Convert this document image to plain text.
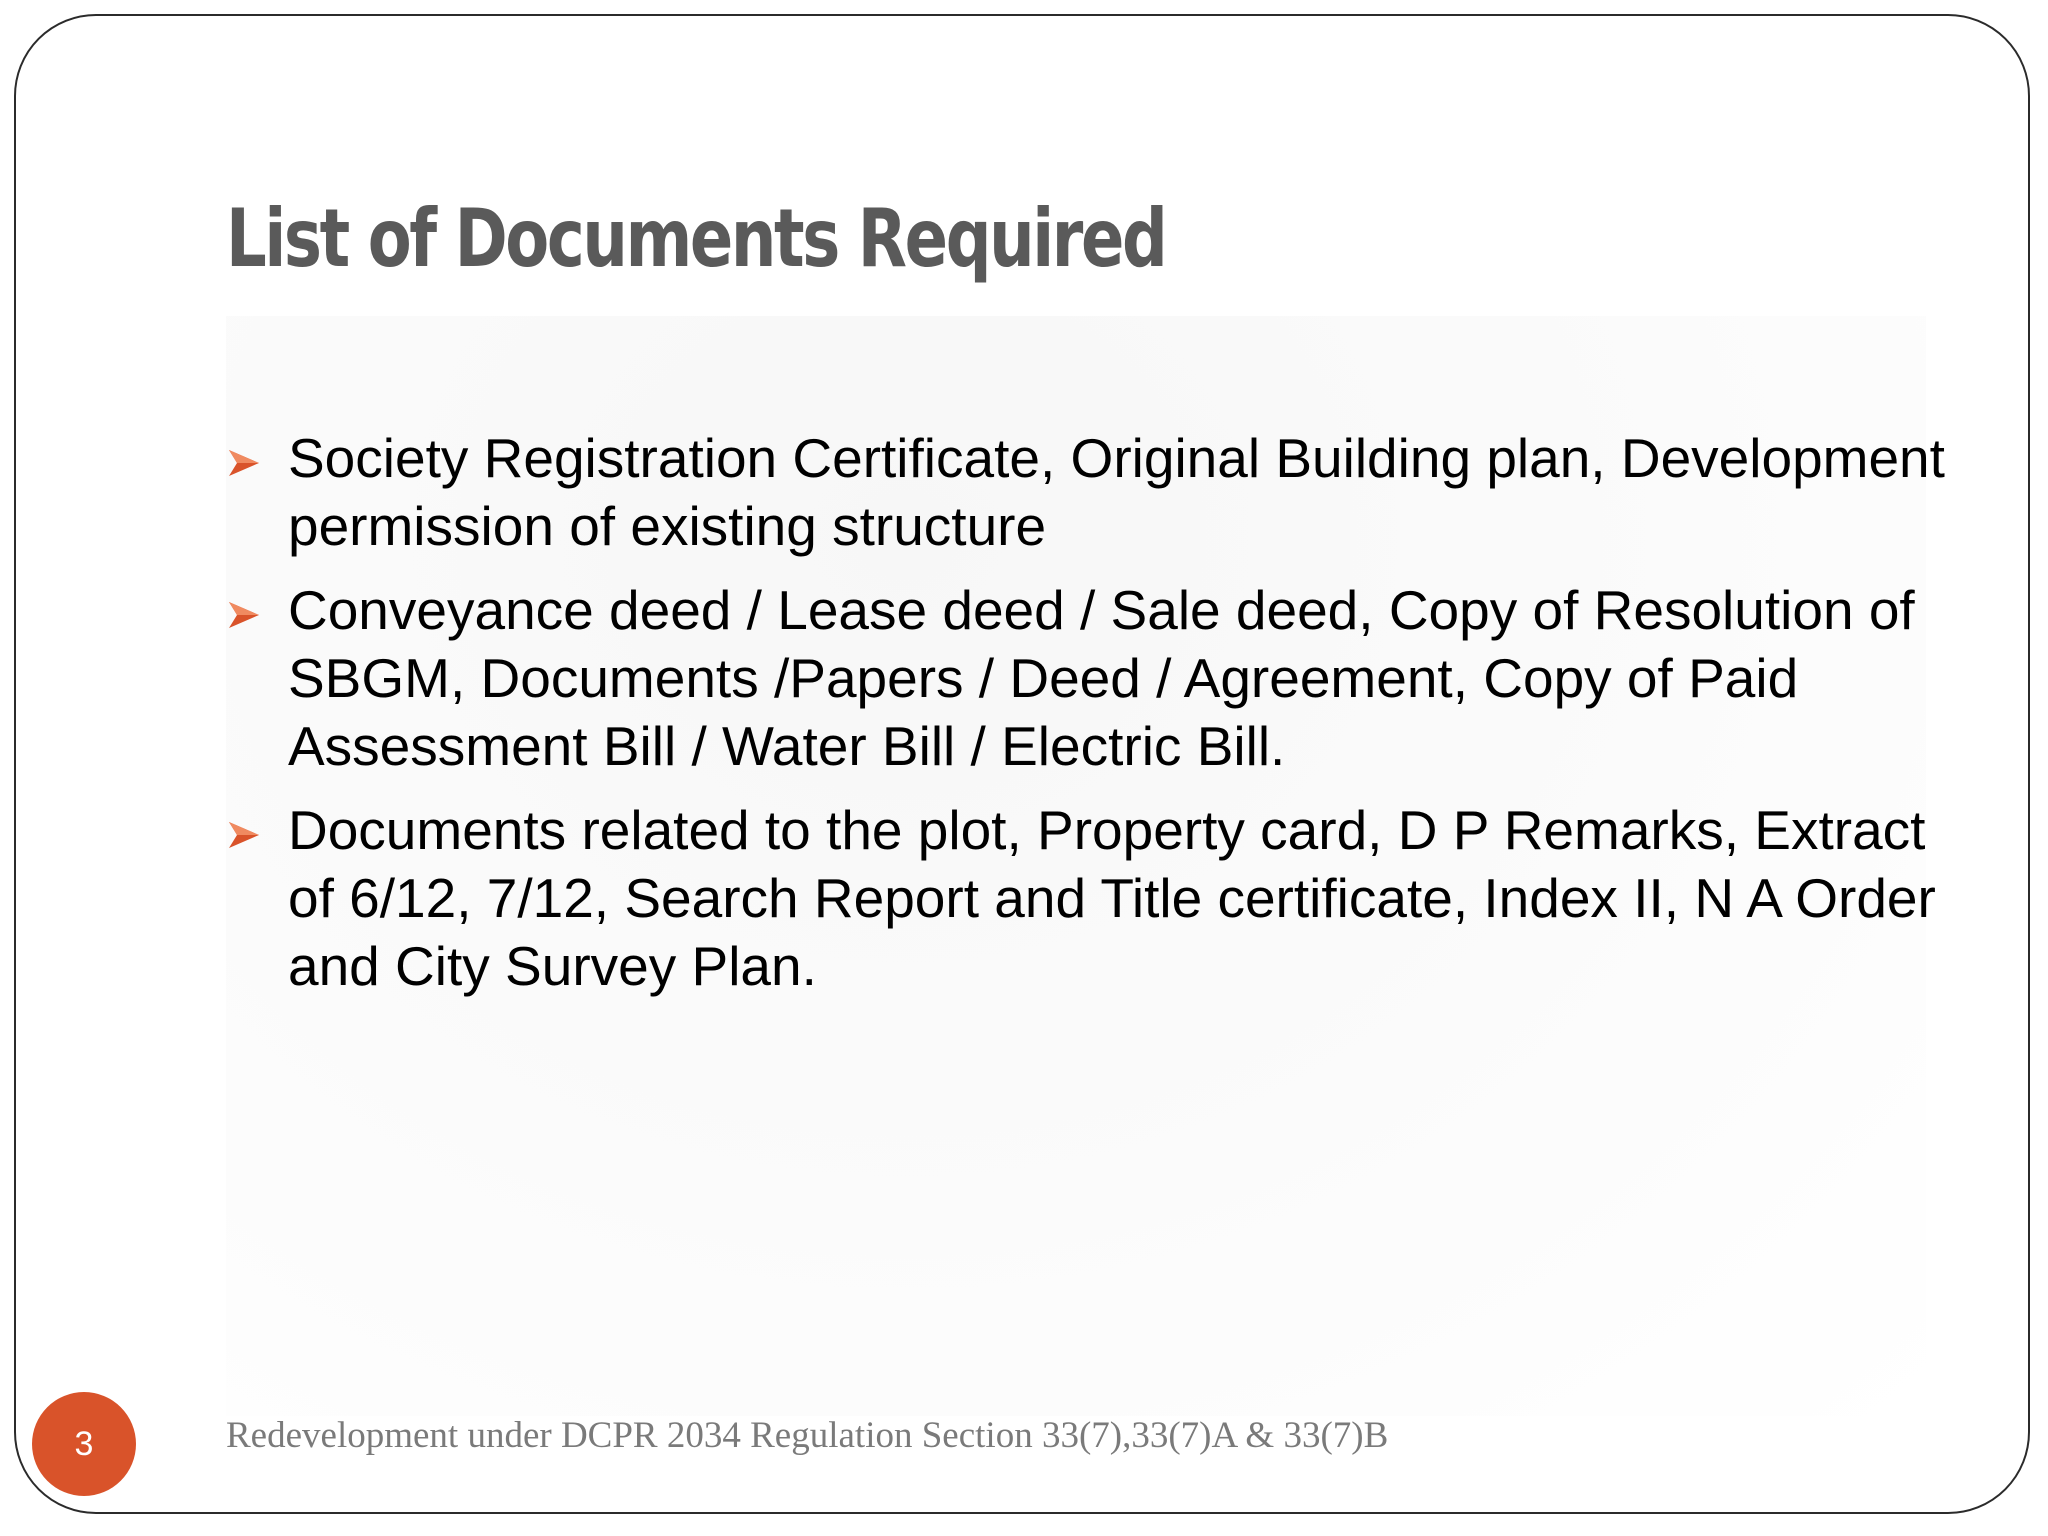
List of Documents Required
Society Registration Certificate, Original Building plan, Development permission of existing structure
Conveyance deed / Lease deed / Sale deed, Copy of Resolution of SBGM, Documents /Papers / Deed / Agreement, Copy of Paid Assessment Bill / Water Bill / Electric Bill.
Documents related to the plot, Property card, D P Remarks, Extract of 6/12, 7/12, Search Report and Title certificate, Index II, N A Order and City Survey Plan.
3	Redevelopment under DCPR 2034 Regulation Section 33(7),33(7)A & 33(7)B
